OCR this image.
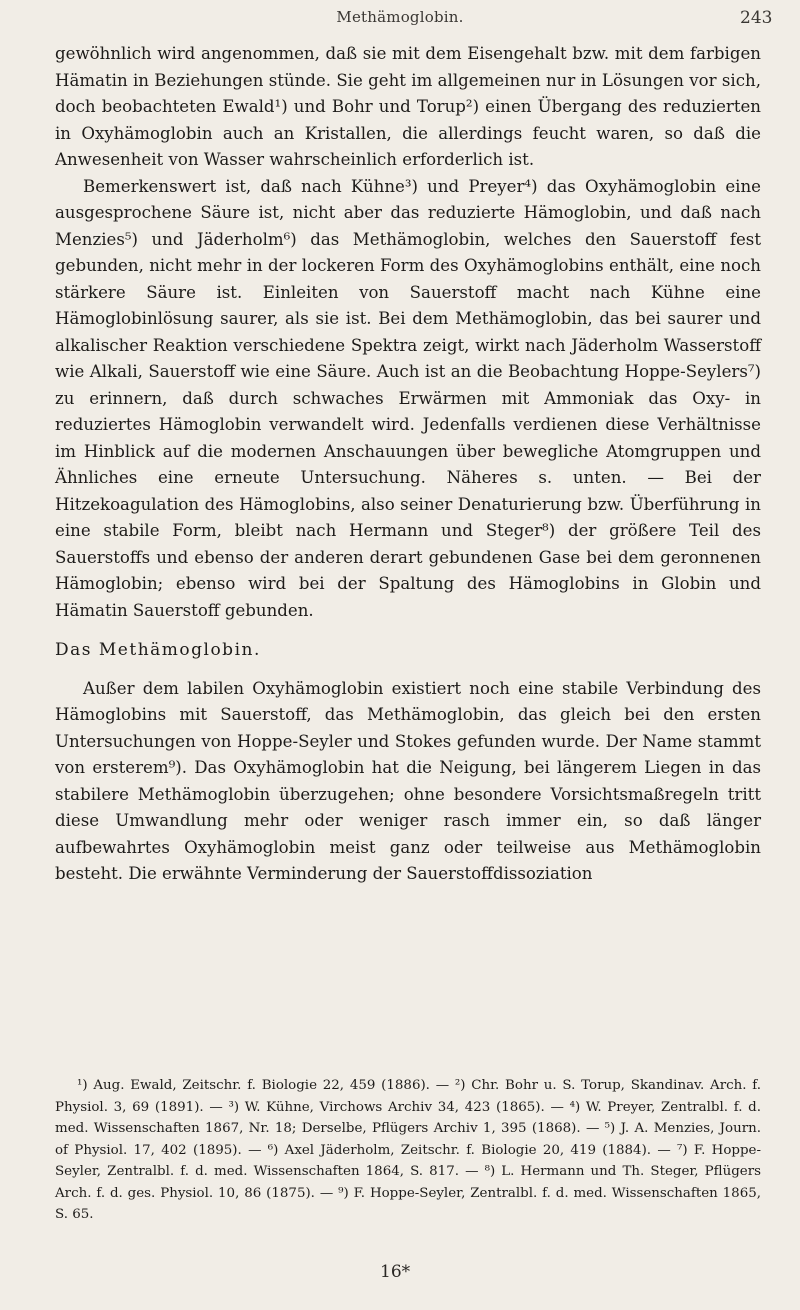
Methämoglobin.	243

gewöhnlich wird angenommen, daß sie mit dem Eisengehalt bzw. mit dem farbigen Hämatin in Beziehungen stünde. Sie geht im allgemeinen nur in Lösungen vor sich, doch beobachteten Ewald¹) und Bohr und Torup²) einen Übergang des reduzierten in Oxyhämoglobin auch an Kristallen, die allerdings feucht waren, so daß die Anwesenheit von Wasser wahrscheinlich erforderlich ist.

Bemerkenswert ist, daß nach Kühne³) und Preyer⁴) das Oxyhämoglobin eine ausgesprochene Säure ist, nicht aber das reduzierte Hämoglobin, und daß nach Menzies⁵) und Jäderholm⁶) das Methämoglobin, welches den Sauerstoff fest gebunden, nicht mehr in der lockeren Form des Oxyhämoglobins enthält, eine noch stärkere Säure ist. Einleiten von Sauerstoff macht nach Kühne eine Hämoglobinlösung saurer, als sie ist. Bei dem Methämoglobin, das bei saurer und alkalischer Reaktion verschiedene Spektra zeigt, wirkt nach Jäderholm Wasserstoff wie Alkali, Sauerstoff wie eine Säure. Auch ist an die Beobachtung Hoppe-Seylers⁷) zu erinnern, daß durch schwaches Erwärmen mit Ammoniak das Oxy- in reduziertes Hämoglobin verwandelt wird. Jedenfalls verdienen diese Verhältnisse im Hinblick auf die modernen Anschauungen über bewegliche Atomgruppen und Ähnliches eine erneute Untersuchung. Näheres s. unten. — Bei der Hitzekoagulation des Hämoglobins, also seiner Denaturierung bzw. Überführung in eine stabile Form, bleibt nach Hermann und Steger⁸) der größere Teil des Sauerstoffs und ebenso der anderen derart gebundenen Gase bei dem geronnenen Hämoglobin; ebenso wird bei der Spaltung des Hämoglobins in Globin und Hämatin Sauerstoff gebunden.

Das Methämoglobin.

Außer dem labilen Oxyhämoglobin existiert noch eine stabile Verbindung des Hämoglobins mit Sauerstoff, das Methämoglobin, das gleich bei den ersten Untersuchungen von Hoppe-Seyler und Stokes gefunden wurde. Der Name stammt von ersterem⁹). Das Oxyhämoglobin hat die Neigung, bei längerem Liegen in das stabilere Methämoglobin überzugehen; ohne besondere Vorsichtsmaßregeln tritt diese Umwandlung mehr oder weniger rasch immer ein, so daß länger aufbewahrtes Oxyhämoglobin meist ganz oder teilweise aus Methämoglobin besteht. Die erwähnte Verminderung der Sauerstoffdissoziation

¹) Aug. Ewald, Zeitschr. f. Biologie 22, 459 (1886). — ²) Chr. Bohr u. S. Torup, Skandinav. Arch. f. Physiol. 3, 69 (1891). — ³) W. Kühne, Virchows Archiv 34, 423 (1865). — ⁴) W. Preyer, Zentralbl. f. d. med. Wissenschaften 1867, Nr. 18; Derselbe, Pflügers Archiv 1, 395 (1868). — ⁵) J. A. Menzies, Journ. of Physiol. 17, 402 (1895). — ⁶) Axel Jäderholm, Zeitschr. f. Biologie 20, 419 (1884). — ⁷) F. Hoppe-Seyler, Zentralbl. f. d. med. Wissenschaften 1864, S. 817. — ⁸) L. Hermann und Th. Steger, Pflügers Arch. f. d. ges. Physiol. 10, 86 (1875). — ⁹) F. Hoppe-Seyler, Zentralbl. f. d. med. Wissenschaften 1865, S. 65.

16*
